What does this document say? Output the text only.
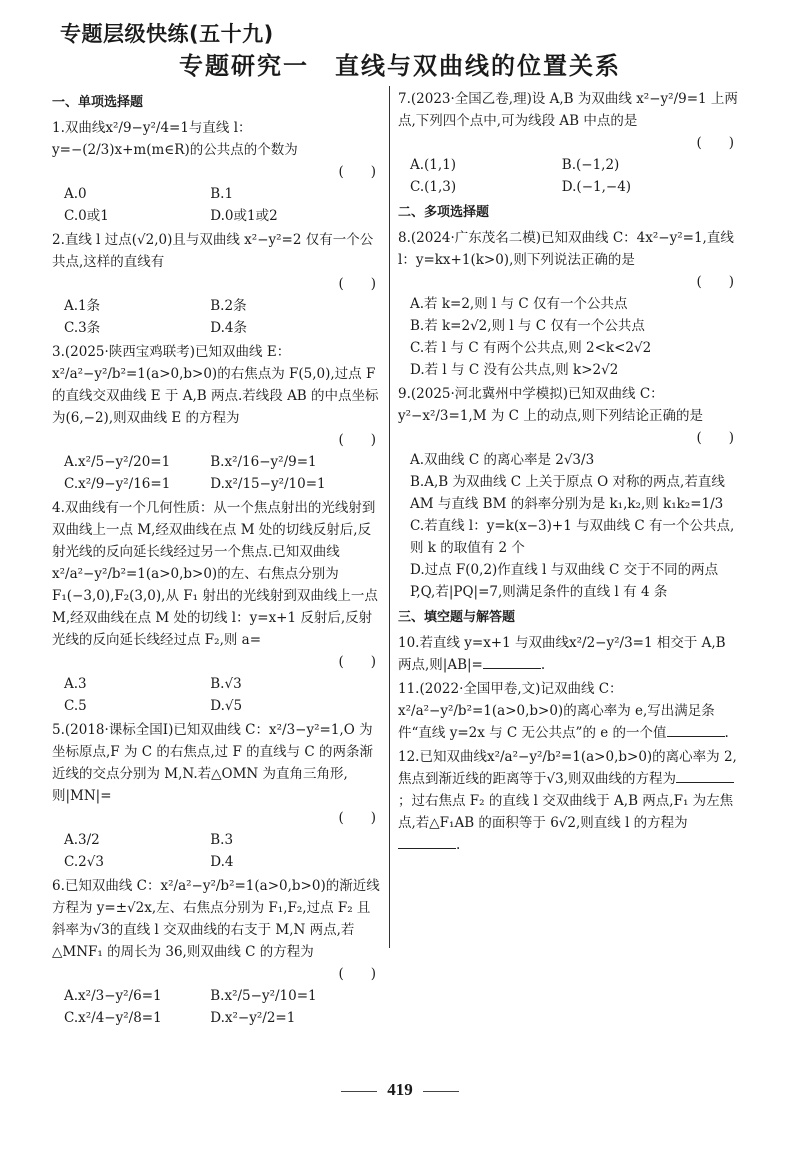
专题层级快练(五十九)
专题研究一　直线与双曲线的位置关系
一、单项选择题
1.双曲线x²/9−y²/4=1与直线 l：y=−(2/3)x+m(m∈R)的公共点的个数为
(　　)
A.0	B.1
C.0或1	D.0或1或2
2.直线 l 过点(√2,0)且与双曲线 x²−y²=2 仅有一个公共点,这样的直线有
(　　)
A.1条	B.2条
C.3条	D.4条
3.(2025·陕西宝鸡联考)已知双曲线 E：x²/a²−y²/b²=1(a>0,b>0)的右焦点为 F(5,0),过点 F 的直线交双曲线 E 于 A,B 两点.若线段 AB 的中点坐标为(6,−2),则双曲线 E 的方程为
(　　)
A.x²/5−y²/20=1	B.x²/16−y²/9=1
C.x²/9−y²/16=1	D.x²/15−y²/10=1
4.双曲线有一个几何性质：从一个焦点射出的光线射到双曲线上一点 M,经双曲线在点 M 处的切线反射后,反射光线的反向延长线经过另一个焦点.已知双曲线x²/a²−y²/b²=1(a>0,b>0)的左、右焦点分别为 F₁(−3,0),F₂(3,0),从 F₁ 射出的光线射到双曲线上一点 M,经双曲线在点 M 处的切线 l：y=x+1 反射后,反射光线的反向延长线经过点 F₂,则 a=
(　　)
A.3	B.√3
C.5	D.√5
5.(2018·课标全国Ⅰ)已知双曲线 C：x²/3−y²=1,O 为坐标原点,F 为 C 的右焦点,过 F 的直线与 C 的两条渐近线的交点分别为 M,N.若△OMN 为直角三角形,则|MN|=
(　　)
A.3/2	B.3
C.2√3	D.4
6.已知双曲线 C：x²/a²−y²/b²=1(a>0,b>0)的渐近线方程为 y=±√2x,左、右焦点分别为 F₁,F₂,过点 F₂ 且斜率为√3的直线 l 交双曲线的右支于 M,N 两点,若△MNF₁ 的周长为 36,则双曲线 C 的方程为
(　　)
A.x²/3−y²/6=1	B.x²/5−y²/10=1
C.x²/4−y²/8=1	D.x²−y²/2=1
7.(2023·全国乙卷,理)设 A,B 为双曲线 x²−y²/9=1 上两点,下列四个点中,可为线段 AB 中点的是
(　　)
A.(1,1)	B.(−1,2)
C.(1,3)	D.(−1,−4)
二、多项选择题
8.(2024·广东茂名二模)已知双曲线 C：4x²−y²=1,直线 l：y=kx+1(k>0),则下列说法正确的是
(　　)
A.若 k=2,则 l 与 C 仅有一个公共点
B.若 k=2√2,则 l 与 C 仅有一个公共点
C.若 l 与 C 有两个公共点,则 2<k<2√2
D.若 l 与 C 没有公共点,则 k>2√2
9.(2025·河北冀州中学模拟)已知双曲线 C：y²−x²/3=1,M 为 C 上的动点,则下列结论正确的是
(　　)
A.双曲线 C 的离心率是 2√3/3
B.A,B 为双曲线 C 上关于原点 O 对称的两点,若直线 AM 与直线 BM 的斜率分别为是 k₁,k₂,则 k₁k₂=1/3
C.若直线 l：y=k(x−3)+1 与双曲线 C 有一个公共点,则 k 的取值有 2 个
D.过点 F(0,2)作直线 l 与双曲线 C 交于不同的两点 P,Q,若|PQ|=7,则满足条件的直线 l 有 4 条
三、填空题与解答题
10.若直线 y=x+1 与双曲线x²/2−y²/3=1 相交于 A,B 两点,则|AB|=	.
11.(2022·全国甲卷,文)记双曲线 C：x²/a²−y²/b²=1(a>0,b>0)的离心率为 e,写出满足条件“直线 y=2x 与 C 无公共点”的 e 的一个值	.
12.已知双曲线x²/a²−y²/b²=1(a>0,b>0)的离心率为 2,焦点到渐近线的距离等于√3,则双曲线的方程为；过右焦点 F₂ 的直线 l 交双曲线于 A,B 两点,F₁ 为左焦点,若△F₁AB 的面积等于 6√2,则直线 l 的方程为.
419
